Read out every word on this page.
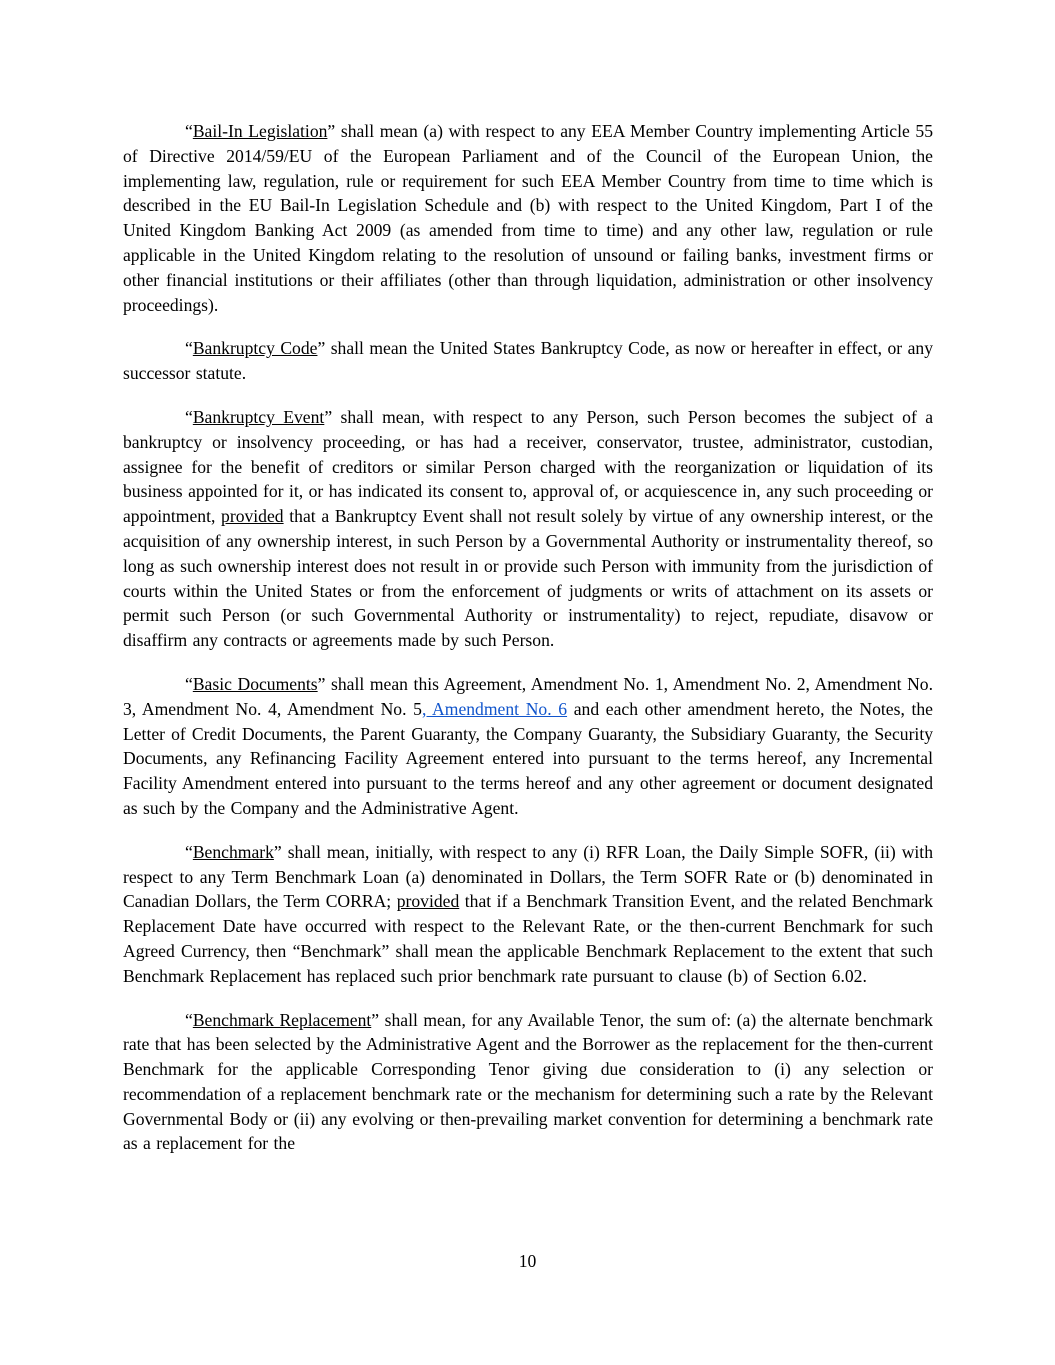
“Bail-In Legislation” shall mean (a) with respect to any EEA Member Country implementing Article 55 of Directive 2014/59/EU of the European Parliament and of the Council of the European Union, the implementing law, regulation, rule or requirement for such EEA Member Country from time to time which is described in the EU Bail-In Legislation Schedule and (b) with respect to the United Kingdom, Part I of the United Kingdom Banking Act 2009 (as amended from time to time) and any other law, regulation or rule applicable in the United Kingdom relating to the resolution of unsound or failing banks, investment firms or other financial institutions or their affiliates (other than through liquidation, administration or other insolvency proceedings).

“Bankruptcy Code” shall mean the United States Bankruptcy Code, as now or hereafter in effect, or any successor statute.

“Bankruptcy Event” shall mean, with respect to any Person, such Person becomes the subject of a bankruptcy or insolvency proceeding, or has had a receiver, conservator, trustee, administrator, custodian, assignee for the benefit of creditors or similar Person charged with the reorganization or liquidation of its business appointed for it, or has indicated its consent to, approval of, or acquiescence in, any such proceeding or appointment, provided that a Bankruptcy Event shall not result solely by virtue of any ownership interest, or the acquisition of any ownership interest, in such Person by a Governmental Authority or instrumentality thereof, so long as such ownership interest does not result in or provide such Person with immunity from the jurisdiction of courts within the United States or from the enforcement of judgments or writs of attachment on its assets or permit such Person (or such Governmental Authority or instrumentality) to reject, repudiate, disavow or disaffirm any contracts or agreements made by such Person.

“Basic Documents” shall mean this Agreement, Amendment No. 1, Amendment No. 2, Amendment No. 3, Amendment No. 4, Amendment No. 5, Amendment No. 6 and each other amendment hereto, the Notes, the Letter of Credit Documents, the Parent Guaranty, the Company Guaranty, the Subsidiary Guaranty, the Security Documents, any Refinancing Facility Agreement entered into pursuant to the terms hereof, any Incremental Facility Amendment entered into pursuant to the terms hereof and any other agreement or document designated as such by the Company and the Administrative Agent.

“Benchmark” shall mean, initially, with respect to any (i) RFR Loan, the Daily Simple SOFR, (ii) with respect to any Term Benchmark Loan (a) denominated in Dollars, the Term SOFR Rate or (b) denominated in Canadian Dollars, the Term CORRA; provided that if a Benchmark Transition Event, and the related Benchmark Replacement Date have occurred with respect to the Relevant Rate, or the then-current Benchmark for such Agreed Currency, then “Benchmark” shall mean the applicable Benchmark Replacement to the extent that such Benchmark Replacement has replaced such prior benchmark rate pursuant to clause (b) of Section 6.02.

“Benchmark Replacement” shall mean, for any Available Tenor, the sum of: (a) the alternate benchmark rate that has been selected by the Administrative Agent and the Borrower as the replacement for the then-current Benchmark for the applicable Corresponding Tenor giving due consideration to (i) any selection or recommendation of a replacement benchmark rate or the mechanism for determining such a rate by the Relevant Governmental Body or (ii) any evolving or then-prevailing market convention for determining a benchmark rate as a replacement for the

10
